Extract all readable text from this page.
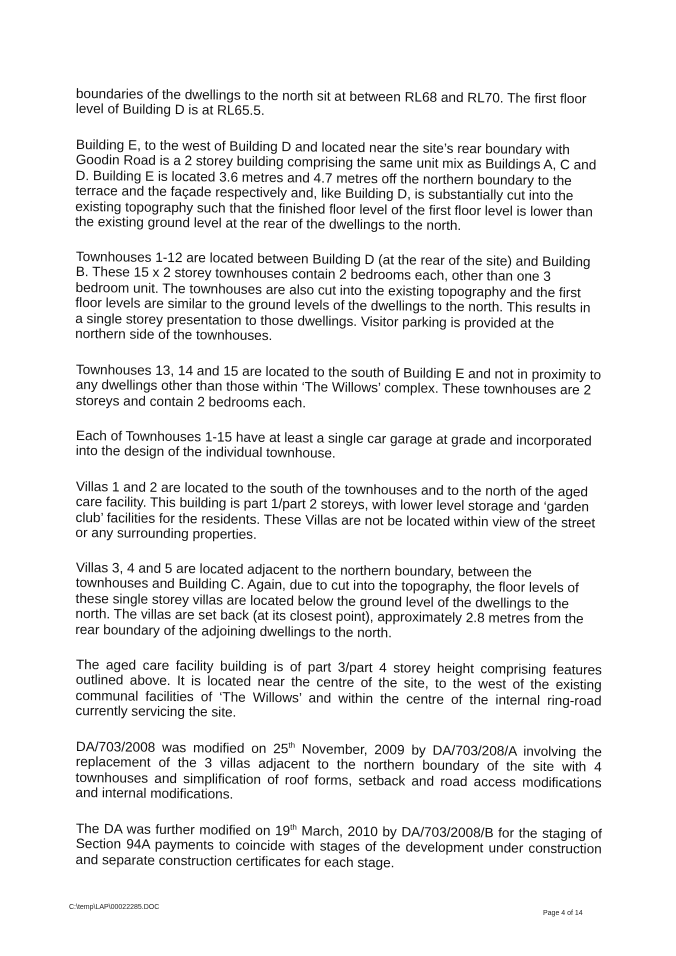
boundaries of the dwellings to the north sit at between RL68 and RL70. The first floor level of Building D is at RL65.5.

Building E, to the west of Building D and located near the site’s rear boundary with Goodin Road is a 2 storey building comprising the same unit mix as Buildings A, C and D. Building E is located 3.6 metres and 4.7 metres off the northern boundary to the terrace and the façade respectively and, like Building D, is substantially cut into the existing topography such that the finished floor level of the first floor level is lower than the existing ground level at the rear of the dwellings to the north.

Townhouses 1-12 are located between Building D (at the rear of the site) and Building B. These 15 x 2 storey townhouses contain 2 bedrooms each, other than one 3 bedroom unit. The townhouses are also cut into the existing topography and the first floor levels are similar to the ground levels of the dwellings to the north. This results in a single storey presentation to those dwellings. Visitor parking is provided at the northern side of the townhouses.

Townhouses 13, 14 and 15 are located to the south of Building E and not in proximity to any dwellings other than those within ‘The Willows’ complex. These townhouses are 2 storeys and contain 2 bedrooms each.

Each of Townhouses 1-15 have at least a single car garage at grade and incorporated into the design of the individual townhouse.

Villas 1 and 2 are located to the south of the townhouses and to the north of the aged care facility. This building is part 1/part 2 storeys, with lower level storage and ‘garden club’ facilities for the residents. These Villas are not be located within view of the street or any surrounding properties.

Villas 3, 4 and 5 are located adjacent to the northern boundary, between the townhouses and Building C. Again, due to cut into the topography, the floor levels of these single storey villas are located below the ground level of the dwellings to the north. The villas are set back (at its closest point), approximately 2.8 metres from the rear boundary of the adjoining dwellings to the north.

The aged care facility building is of part 3/part 4 storey height comprising features outlined above. It is located near the centre of the site, to the west of the existing communal facilities of ‘The Willows’ and within the centre of the internal ring-road currently servicing the site.

DA/703/2008 was modified on 25th November, 2009 by DA/703/208/A involving the replacement of the 3 villas adjacent to the northern boundary of the site with 4 townhouses and simplification of roof forms, setback and road access modifications and internal modifications.

The DA was further modified on 19th March, 2010 by DA/703/2008/B for the staging of Section 94A payments to coincide with stages of the development under construction and separate construction certificates for each stage.

C:\temp\LAP\00022285.DOC
Page 4 of 14
